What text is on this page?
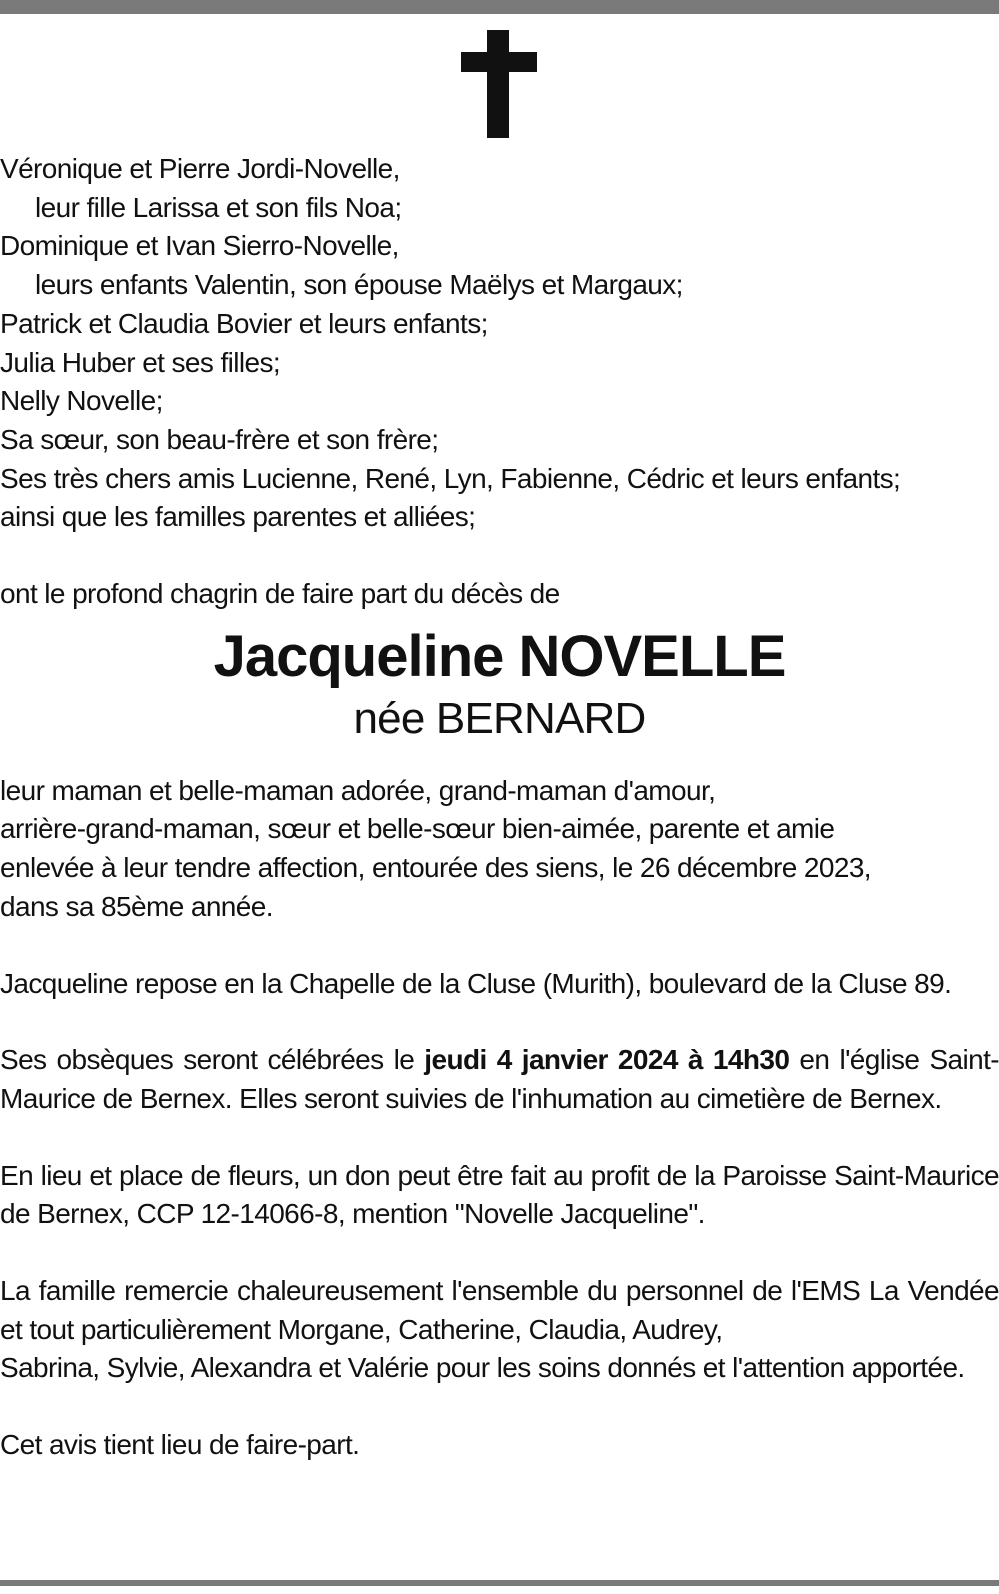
Véronique et Pierre Jordi-Novelle,
leur fille Larissa et son fils Noa;
Dominique et Ivan Sierro-Novelle,
leurs enfants Valentin, son épouse Maëlys et Margaux;
Patrick et Claudia Bovier et leurs enfants;
Julia Huber et ses filles;
Nelly Novelle;
Sa sœur, son beau-frère et son frère;
Ses très chers amis Lucienne, René, Lyn, Fabienne, Cédric et leurs enfants;
ainsi que les familles parentes et alliées;
ont le profond chagrin de faire part du décès de
Jacqueline NOVELLE
née BERNARD
leur maman et belle-maman adorée, grand-maman d'amour,
arrière-grand-maman, sœur et belle-sœur bien-aimée, parente et amie
enlevée à leur tendre affection, entourée des siens, le 26 décembre 2023,
dans sa 85ème année.
Jacqueline repose en la Chapelle de la Cluse (Murith), boulevard de la Cluse 89.
Ses obsèques seront célébrées le jeudi 4 janvier 2024 à 14h30 en l'église Saint-Maurice de Bernex. Elles seront suivies de l'inhumation au cimetière de Bernex.
En lieu et place de fleurs, un don peut être fait au profit de la Paroisse Saint-Maurice de Bernex, CCP 12-14066-8, mention "Novelle Jacqueline".
La famille remercie chaleureusement l'ensemble du personnel de l'EMS La Vendée et tout particulièrement Morgane, Catherine, Claudia, Audrey,
Sabrina, Sylvie, Alexandra et Valérie pour les soins donnés et l'attention apportée.
Cet avis tient lieu de faire-part.
